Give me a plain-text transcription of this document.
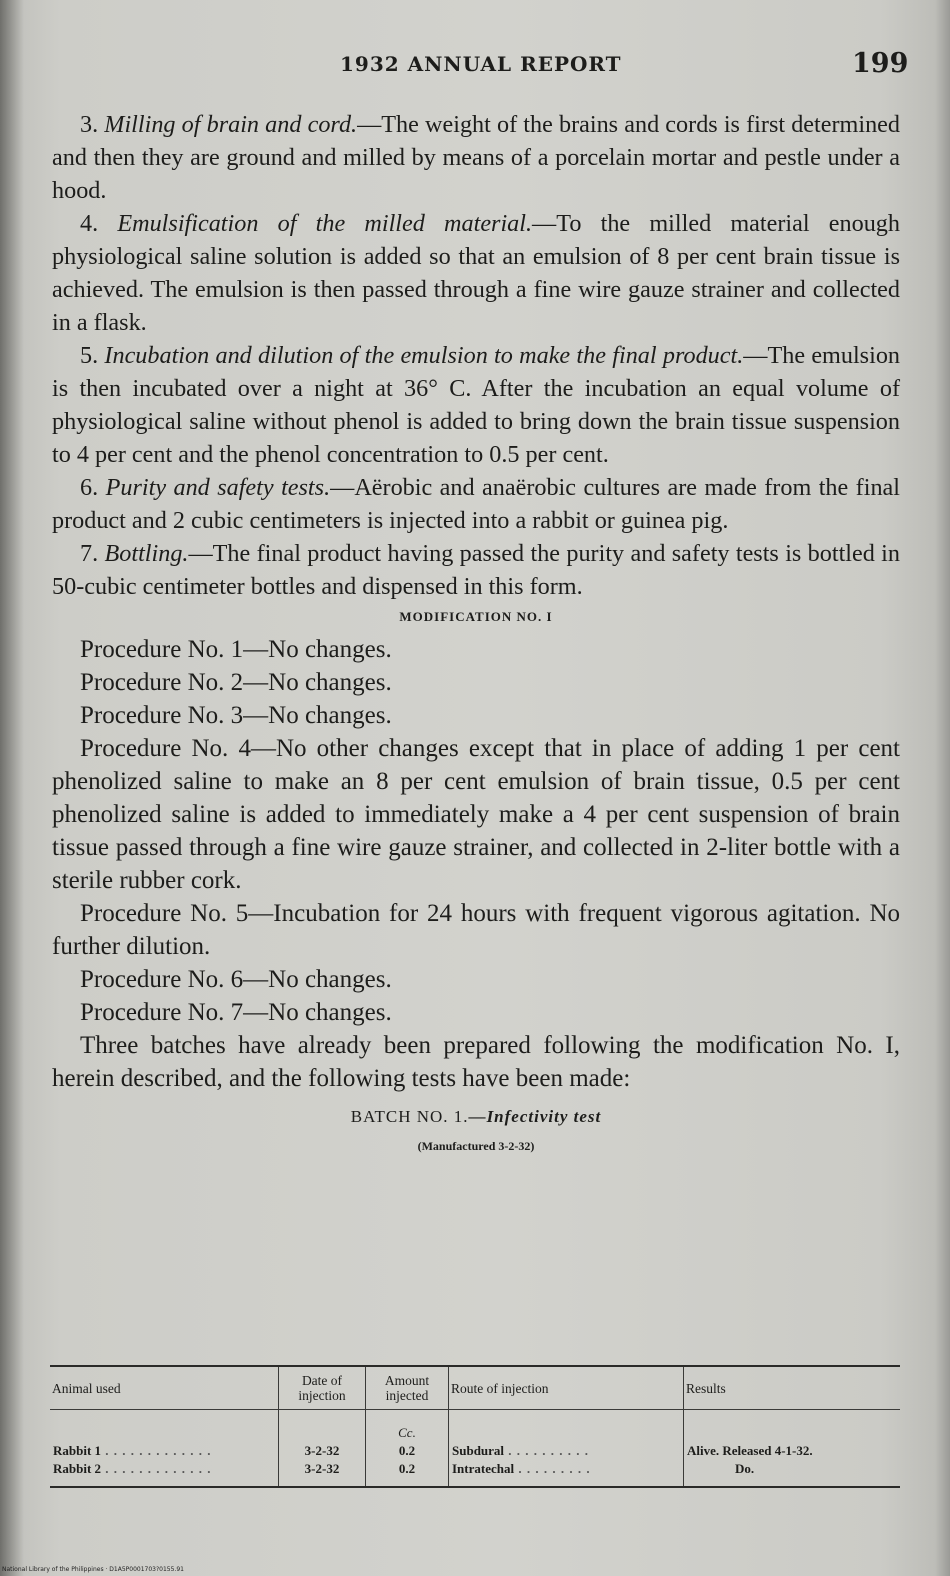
1932 ANNUAL REPORT	199

3. Milling of brain and cord.—The weight of the brains and cords is first determined and then they are ground and milled by means of a porcelain mortar and pestle under a hood.

4. Emulsification of the milled material.—To the milled material enough physiological saline solution is added so that an emulsion of 8 per cent brain tissue is achieved. The emulsion is then passed through a fine wire gauze strainer and collected in a flask.

5. Incubation and dilution of the emulsion to make the final product.—The emulsion is then incubated over a night at 36° C. After the incubation an equal volume of physiological saline without phenol is added to bring down the brain tissue suspension to 4 per cent and the phenol concentration to 0.5 per cent.

6. Purity and safety tests.—Aërobic and anaërobic cultures are made from the final product and 2 cubic centimeters is injected into a rabbit or guinea pig.

7. Bottling.—The final product having passed the purity and safety tests is bottled in 50-cubic centimeter bottles and dispensed in this form.

MODIFICATION NO. I

Procedure No. 1—No changes.

Procedure No. 2—No changes.

Procedure No. 3—No changes.

Procedure No. 4—No other changes except that in place of adding 1 per cent phenolized saline to make an 8 per cent emulsion of brain tissue, 0.5 per cent phenolized saline is added to immediately make a 4 per cent suspension of brain tissue passed through a fine wire gauze strainer, and collected in 2-liter bottle with a sterile rubber cork.

Procedure No. 5—Incubation for 24 hours with frequent vigorous agitation. No further dilution.

Procedure No. 6—No changes.

Procedure No. 7—No changes.

Three batches have already been prepared following the modification No. I, herein described, and the following tests have been made:

BATCH NO. 1.—Infectivity test
(Manufactured 3-2-32)
Animal used	Date of injection	Amount injected	Route of injection	Results
		Cc.		
Rabbit 1 . . . . . . . . . . . . .	3-2-32	0.2	Subdural . . . . . . . . . .	Alive. Released 4-1-32.
Rabbit 2 . . . . . . . . . . . . .	3-2-32	0.2	Intratechal . . . . . . . . .	Do.
National Library of the Philippines · D1A5P0001703?0155.91
